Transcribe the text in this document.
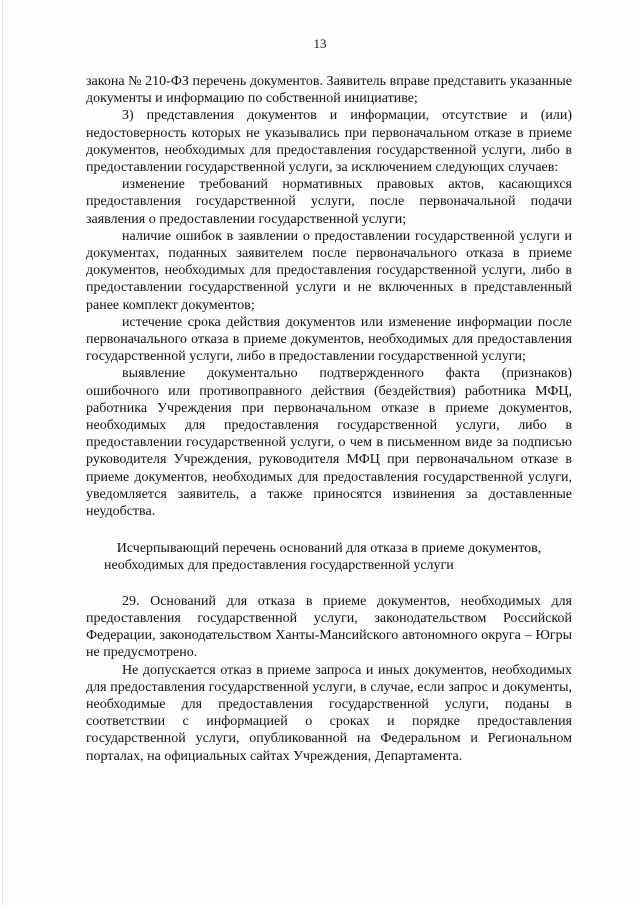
13

закона № 210-ФЗ перечень документов. Заявитель вправе представить указанные документы и информацию по собственной инициативе;

3) представления документов и информации, отсутствие и (или) недостоверность которых не указывались при первоначальном отказе в приеме документов, необходимых для предоставления государственной услуги, либо в предоставлении государственной услуги, за исключением следующих случаев:

изменение требований нормативных правовых актов, касающихся предоставления государственной услуги, после первоначальной подачи заявления о предоставлении государственной услуги;

наличие ошибок в заявлении о предоставлении государственной услуги и документах, поданных заявителем после первоначального отказа в приеме документов, необходимых для предоставления государственной услуги, либо в предоставлении государственной услуги и не включенных в представленный ранее комплект документов;

истечение срока действия документов или изменение информации после первоначального отказа в приеме документов, необходимых для предоставления государственной услуги, либо в предоставлении государственной услуги;

выявление документально подтвержденного факта (признаков) ошибочного или противоправного действия (бездействия) работника МФЦ, работника Учреждения при первоначальном отказе в приеме документов, необходимых для предоставления государственной услуги, либо в предоставлении государственной услуги, о чем в письменном виде за подписью руководителя Учреждения, руководителя МФЦ при первоначальном отказе в приеме документов, необходимых для предоставления государственной услуги, уведомляется заявитель, а также приносятся извинения за доставленные неудобства.

Исчерпывающий перечень оснований для отказа в приеме документов, необходимых для предоставления государственной услуги

29. Оснований для отказа в приеме документов, необходимых для предоставления государственной услуги, законодательством Российской Федерации, законодательством Ханты-Мансийского автономного округа – Югры не предусмотрено.

Не допускается отказ в приеме запроса и иных документов, необходимых для предоставления государственной услуги, в случае, если запрос и документы, необходимые для предоставления государственной услуги, поданы в соответствии с информацией о сроках и порядке предоставления государственной услуги, опубликованной на Федеральном и Региональном порталах, на официальных сайтах Учреждения, Департамента.
